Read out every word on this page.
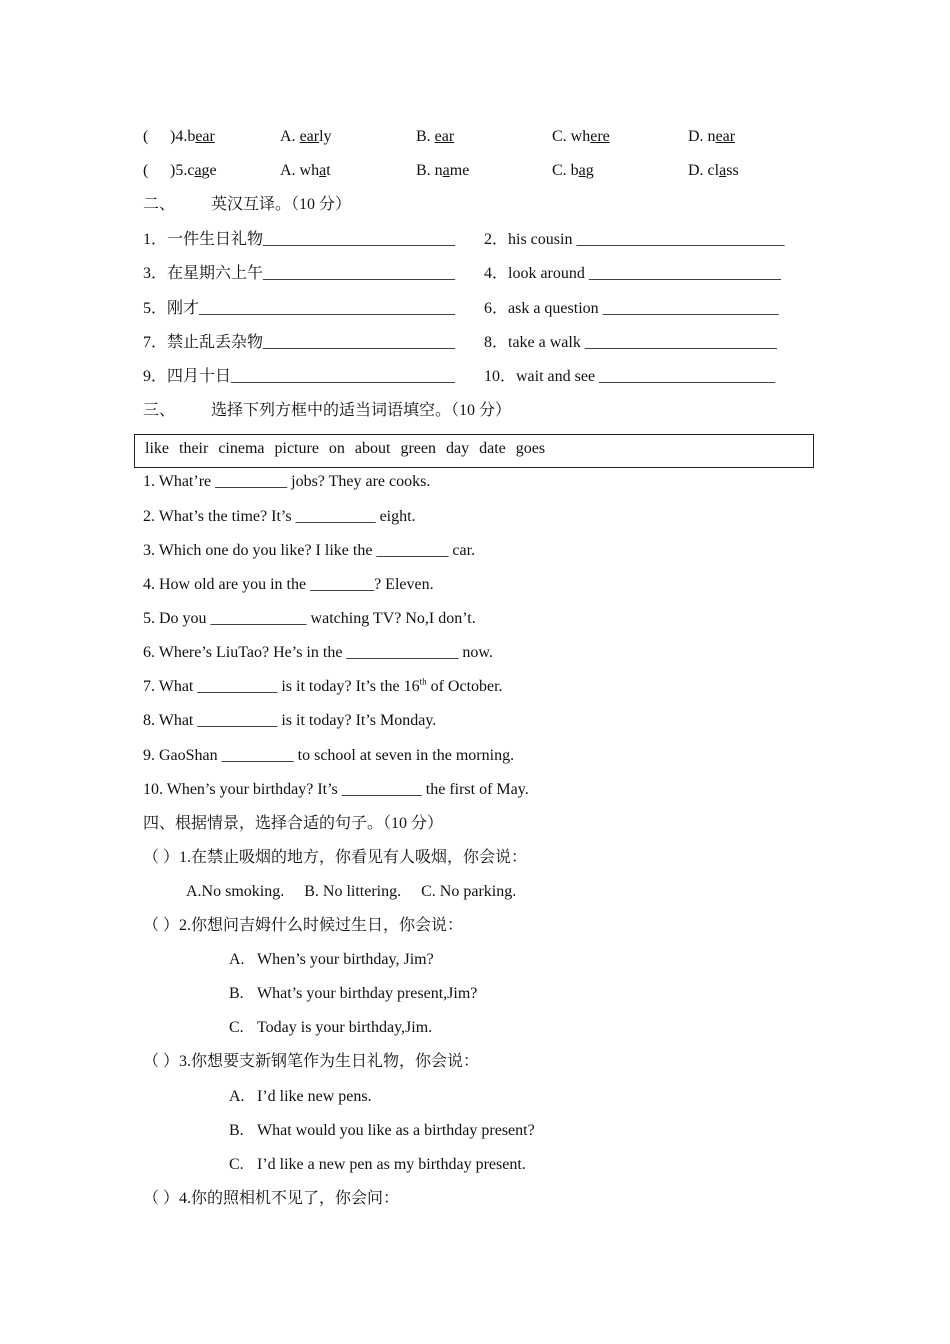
( )4.bear	A. early	B. ear	C. where	D. near
( )5.cage	A. what	B. name	C. bag	D. class
二、 英汉互译。（10 分）
1．一件生日礼物________________________ 2．his cousin __________________________
3．在星期六上午________________________ 4．look around ________________________
5．刚才________________________________ 6．ask a question ______________________
7．禁止乱丢杂物________________________ 8．take a walk ________________________
9．四月十日____________________________ 10．wait and see ______________________
三、 选择下列方框中的适当词语填空。（10 分）
like their cinema picture on about green day date goes
1. What’re _________ jobs? They are cooks.
2. What’s the time? It’s __________ eight.
3. Which one do you like? I like the _________ car.
4. How old are you in the ________? Eleven.
5. Do you ____________ watching TV? No,I don’t.
6. Where’s LiuTao? He’s in the ______________ now.
7. What __________ is it today? It’s the 16th of October.
8. What __________ is it today? It’s Monday.
9. GaoShan _________ to school at seven in the morning.
10. When’s your birthday? It’s __________ the first of May.
四、根据情景，选择合适的句子。（10 分）
（ ）1.在禁止吸烟的地方，你看见有人吸烟，你会说：
A.No smoking.     B. No littering.     C. No parking.
（ ）2.你想问吉姆什么时候过生日，你会说：
A. When’s your birthday, Jim?
B. What’s your birthday present,Jim?
C. Today is your birthday,Jim.
（ ）3.你想要支新钢笔作为生日礼物，你会说：
A. I’d like new pens.
B. What would you like as a birthday present?
C. I’d like a new pen as my birthday present.
（ ）4.你的照相机不见了，你会问：
